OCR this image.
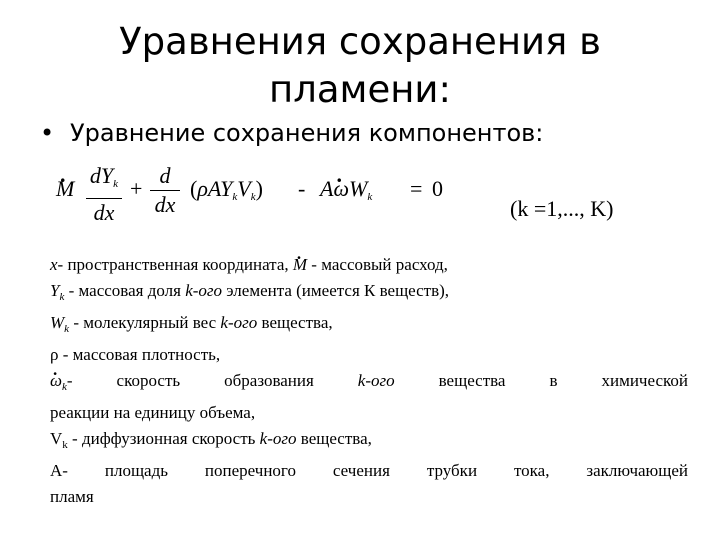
Уравнения сохранения в пламени:
• Уравнение сохранения компонентов:
. M
$dY_k$
dx
+
d
dx
$(\rho AY_kV_k)$ - A. $\omega W_k = 0$
(k =1,..., K)

x- пространственная координата, . M - массовый расход,

$Y_k$ - массовая доля k-ого элемента (имеется К веществ),

$W_k$ - молекулярный вес k-ого вещества,

ρ - массовая плотность,

. $\omega_k-$ скорость образования k-ого вещества в химической

реакции на единицу объема,

$V_k$ - диффузионная скорость k-ого вещества,

А- площадь поперечного сечения трубки тока, заключающей

пламя
